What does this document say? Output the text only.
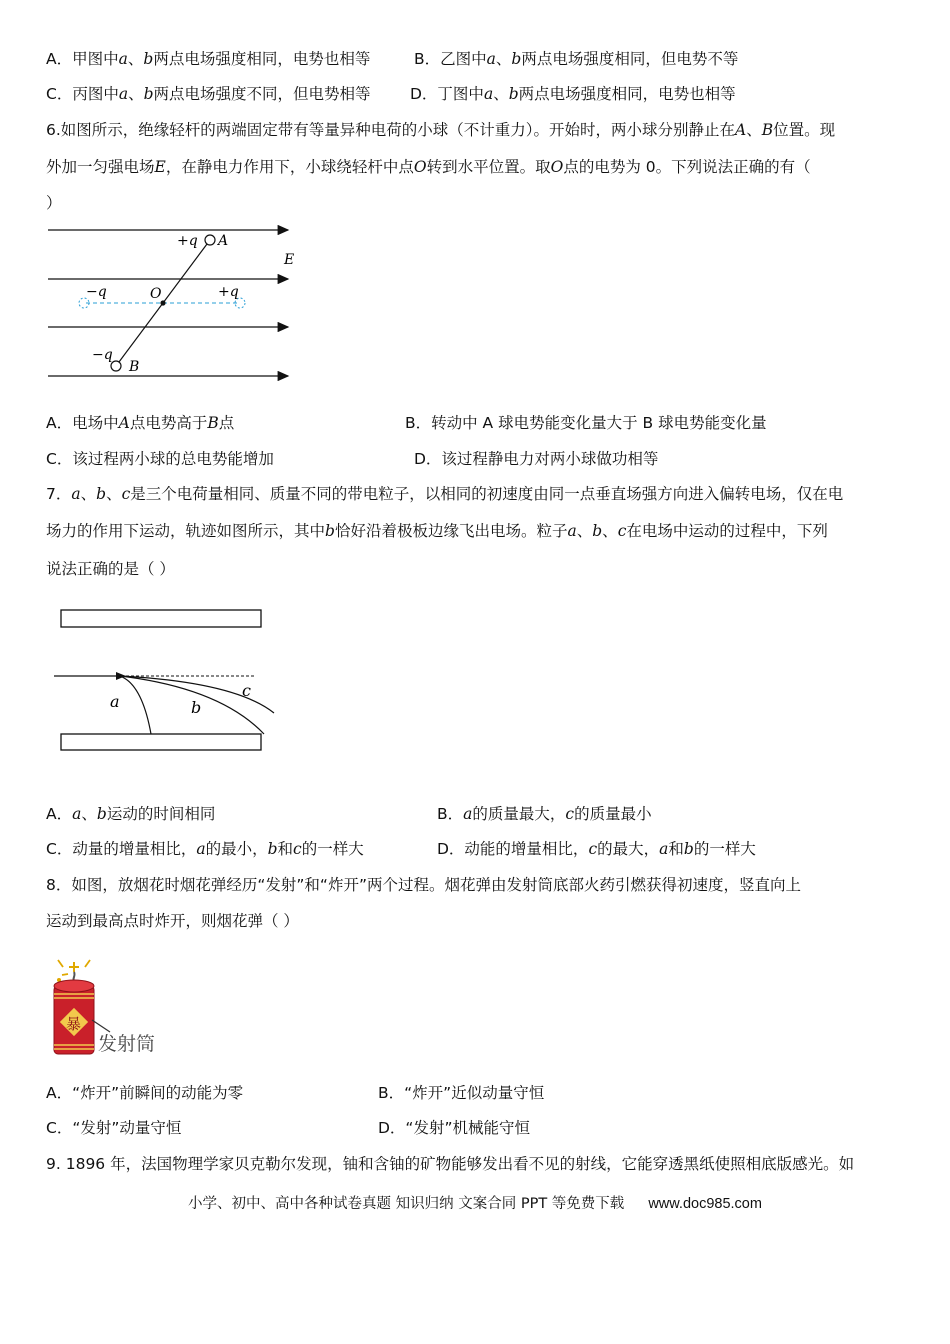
A．甲图中a、b两点电场强度相同，电势也相等	B．乙图中a、b两点电场强度相同，但电势不等
C．丙图中a、b两点电场强度不同，但电势相等	D．丁图中a、b两点电场强度相同，电势也相等
6.如图所示，绝缘轻杆的两端固定带有等量异种电荷的小球（不计重力）。开始时，两小球分别静止在A、B位置。现
外加一匀强电场E，在静电力作用下，小球绕轻杆中点O转到水平位置。取O点的电势为 0。下列说法正确的有（
）
+q A
E
−q	O	+q
−q
B
A．电场中A点电势高于B点	B．转动中 A 球电势能变化量大于 B 球电势能变化量
C．该过程两小球的总电势能增加	D．该过程静电力对两小球做功相等
7．a、b、c是三个电荷量相同、质量不同的带电粒子，以相同的初速度由同一点垂直场强方向进入偏转电场，仅在电
场力的作用下运动，轨迹如图所示，其中b恰好沿着极板边缘飞出电场。粒子a、b、c在电场中运动的过程中，下列
说法正确的是（ ）
a	b
c
A．a、b运动的时间相同	B．a的质量最大，c的质量最小
C．动量的增量相比，a的最小，b和c的一样大	D．动能的增量相比，c的最大，a和b的一样大
8．如图，放烟花时烟花弹经历“发射”和“炸开”两个过程。烟花弹由发射筒底部火药引燃获得初速度，竖直向上
运动到最高点时炸开，则烟花弹（ ）
暴
发射筒
A．“炸开”前瞬间的动能为零	B．“炸开”近似动量守恒
C．“发射”动量守恒	D．“发射”机械能守恒
9. 1896 年，法国物理学家贝克勒尔发现，铀和含铀的矿物能够发出看不见的射线，它能穿透黑纸使照相底版感光。如
小学、初中、高中各种试卷真题 知识归纳 文案合同 PPT 等免费下载 www.doc985.com
